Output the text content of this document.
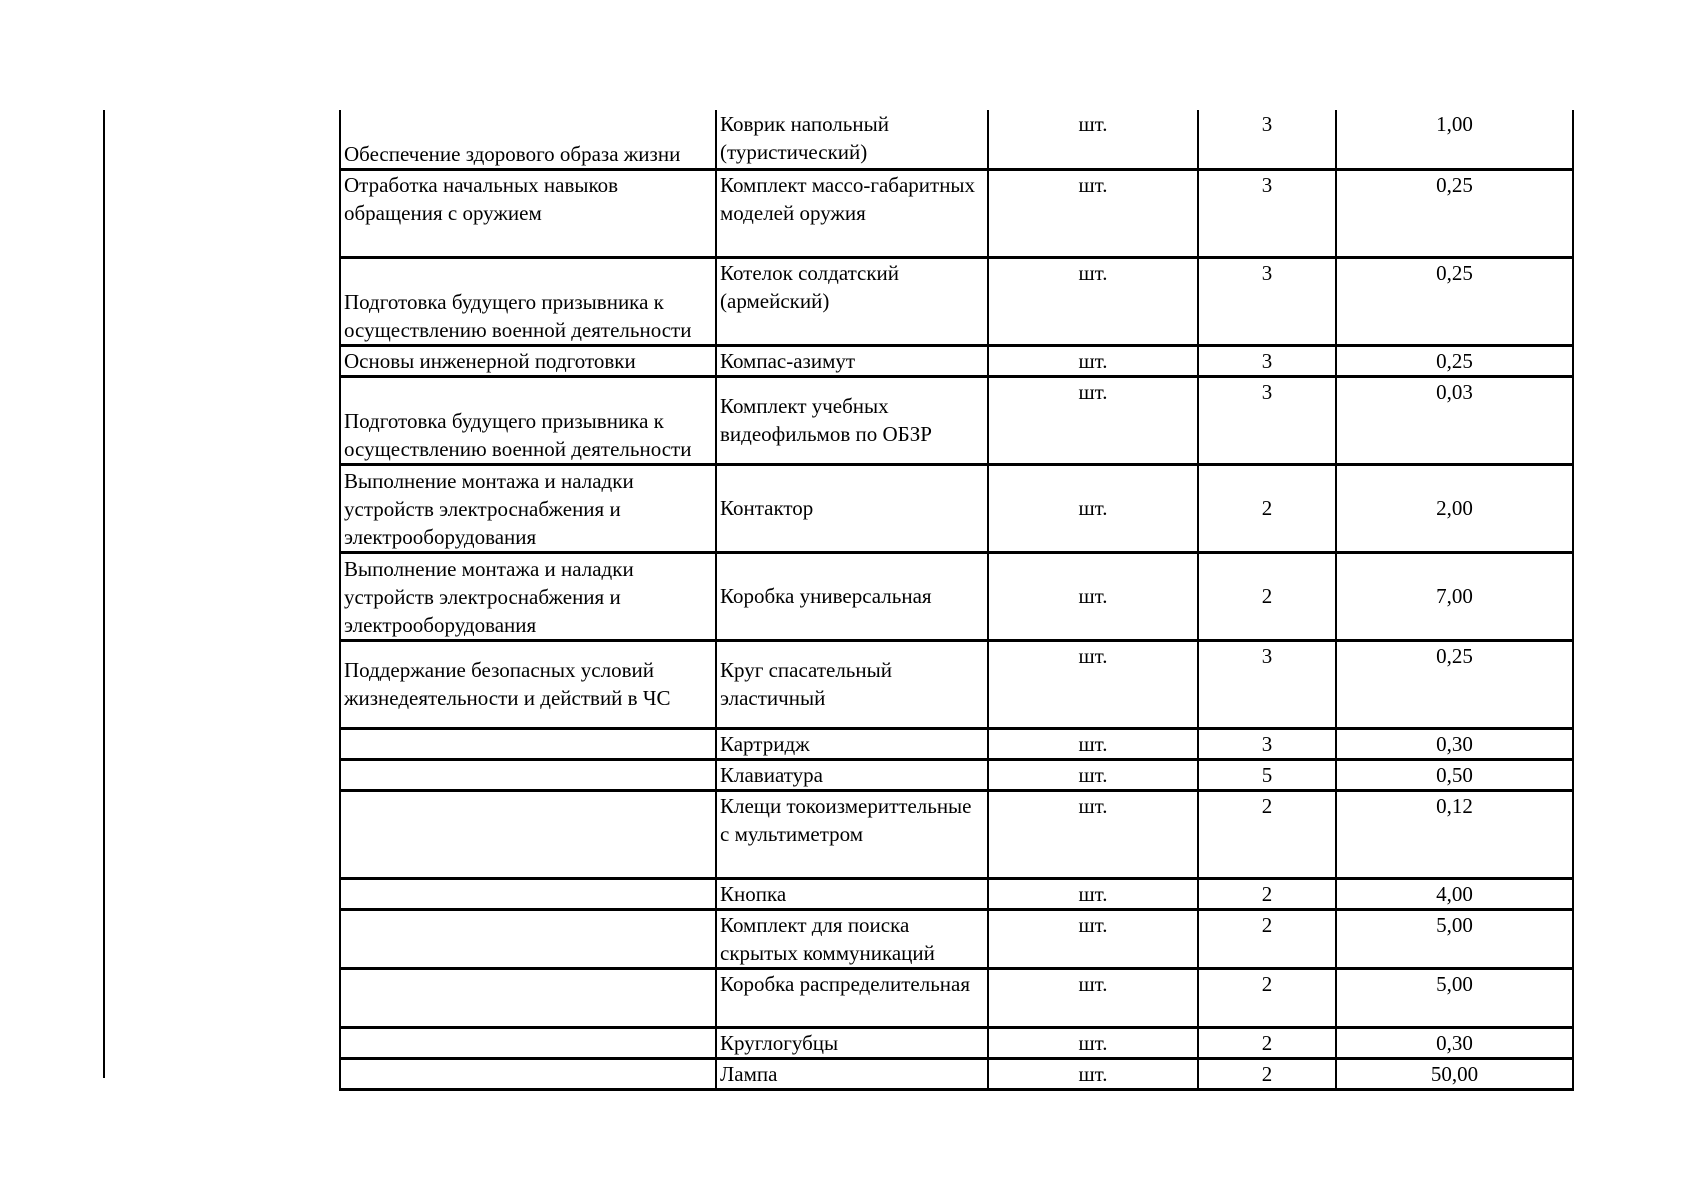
Обеспечение здорового образа жизни	Коврик напольный (туристический)	шт.	3	1,00
Отработка начальных навыков обращения с оружием	Комплект массо-габаритных моделей оружия	шт.	3	0,25
Подготовка будущего призывника к осуществлению военной деятельности	Котелок солдатский (армейский)	шт.	3	0,25
Основы инженерной подготовки	Компас-азимут	шт.	3	0,25
Подготовка будущего призывника к осуществлению военной деятельности	Комплект учебных видеофильмов по ОБЗР	шт.	3	0,03
Выполнение монтажа и наладки устройств электроснабжения и электрооборудования	Контактор	шт.	2	2,00
Выполнение монтажа и наладки устройств электроснабжения и электрооборудования	Коробка универсальная	шт.	2	7,00
Поддержание безопасных условий жизнедеятельности и действий в ЧС	Круг спасательный эластичный	шт.	3	0,25
	Картридж	шт.	3	0,30
	Клавиатура	шт.	5	0,50
	Клещи токоизмериттельные с мультиметром	шт.	2	0,12
	Кнопка	шт.	2	4,00
	Комплект для поиска скрытых коммуникаций	шт.	2	5,00
	Коробка распределительная	шт.	2	5,00
	Круглогубцы	шт.	2	0,30
	Лампа	шт.	2	50,00
